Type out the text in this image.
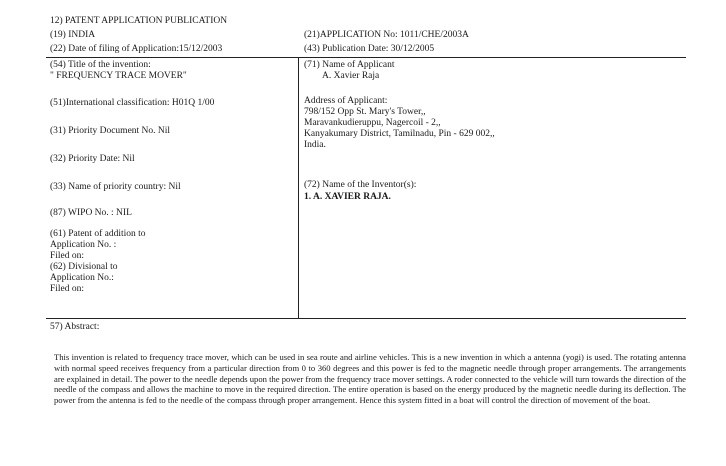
12) PATENT APPLICATION PUBLICATION
(19) INDIA	(21)APPLICATION No: 1011/CHE/2003A
(22) Date of filing of Application:15/12/2003	(43) Publication Date: 30/12/2005
(54) Title of the invention:
" FREQUENCY TRACE MOVER"
(51)International classification: H01Q 1/00
(31) Priority Document No. Nil
(32) Priority Date: Nil
(33) Name of priority country: Nil
(87) WIPO No. : NIL
(61) Patent of addition to
Application No. :
Filed on:
(62) Divisional to
Application No.:
Filed on:
(71) Name of Applicant
A. Xavier Raja
Address of Applicant:
798/152 Opp St. Mary's Tower,,
Maravankudieruppu, Nagercoil - 2,,
Kanyakumary District, Tamilnadu, Pin - 629 002,,
India.
(72) Name of the Inventor(s):
1. A. XAVIER RAJA.
57) Abstract:
This invention is related to frequency trace mover, which can be used in sea route and airline vehicles. This is a new invention in which a antenna (yogi) is used. The rotating antenna with normal speed receives frequency from a particular direction from 0 to 360 degrees and this power is fed to the magnetic needle through proper arrangements. The arrangements are explained in detail. The power to the needle depends upon the power from the frequency trace mover settings. A roder connected to the vehicle will turn towards the direction of the needle of the compass and allows the machine to move in the required direction. The entire operation is based on the energy produced by the magnetic needle during its deflection. The power from the antenna is fed to the needle of the compass through proper arrangement. Hence this system fitted in a boat will control the direction of movement of the boat.
